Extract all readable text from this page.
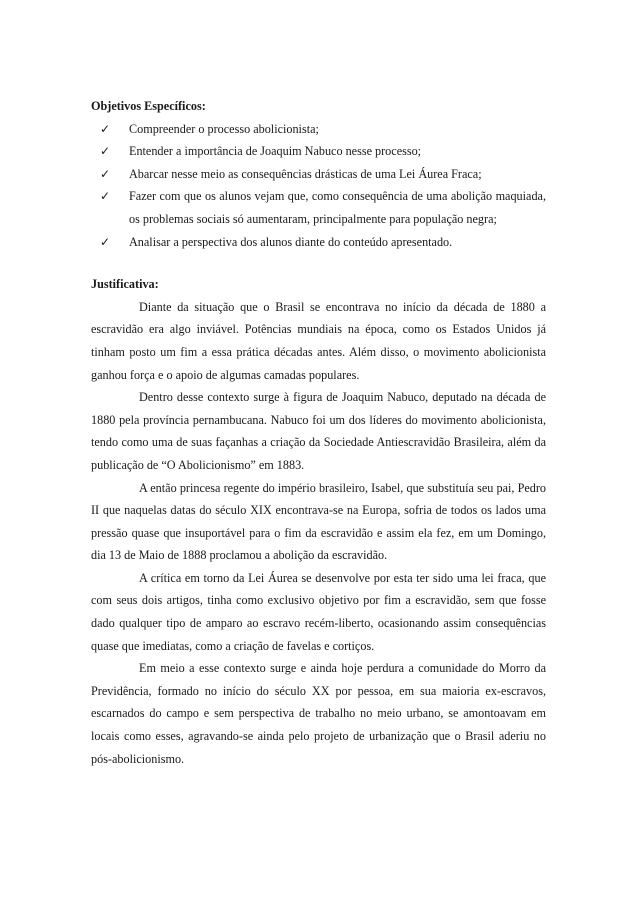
Objetivos Específicos:

✓	Compreender o processo abolicionista;
✓	Entender a importância de Joaquim Nabuco nesse processo;
✓	Abarcar nesse meio as consequências drásticas de uma Lei Áurea Fraca;
✓	Fazer com que os alunos vejam que, como consequência de uma abolição maquiada, os problemas sociais só aumentaram, principalmente para população negra;
✓	Analisar a perspectiva dos alunos diante do conteúdo apresentado.

Justificativa:

Diante da situação que o Brasil se encontrava no início da década de 1880 a escravidão era algo inviável. Potências mundiais na época, como os Estados Unidos já tinham posto um fim a essa prática décadas antes. Além disso, o movimento abolicionista ganhou força e o apoio de algumas camadas populares.

Dentro desse contexto surge à figura de Joaquim Nabuco, deputado na década de 1880 pela província pernambucana. Nabuco foi um dos líderes do movimento abolicionista, tendo como uma de suas façanhas a criação da Sociedade Antiescravidão Brasileira, além da publicação de “O Abolicionismo” em 1883.

A então princesa regente do império brasileiro, Isabel, que substituía seu pai, Pedro II que naquelas datas do século XIX encontrava-se na Europa, sofria de todos os lados uma pressão quase que insuportável para o fim da escravidão e assim ela fez, em um Domingo, dia 13 de Maio de 1888 proclamou a abolição da escravidão.

A crítica em torno da Lei Áurea se desenvolve por esta ter sido uma lei fraca, que com seus dois artigos, tinha como exclusivo objetivo por fim a escravidão, sem que fosse dado qualquer tipo de amparo ao escravo recém-liberto, ocasionando assim consequências quase que imediatas, como a criação de favelas e cortiços.

Em meio a esse contexto surge e ainda hoje perdura a comunidade do Morro da Previdência, formado no início do século XX por pessoa, em sua maioria ex-escravos, escarnados do campo e sem perspectiva de trabalho no meio urbano, se amontoavam em locais como esses, agravando-se ainda pelo projeto de urbanização que o Brasil aderiu no pós-abolicionismo.
